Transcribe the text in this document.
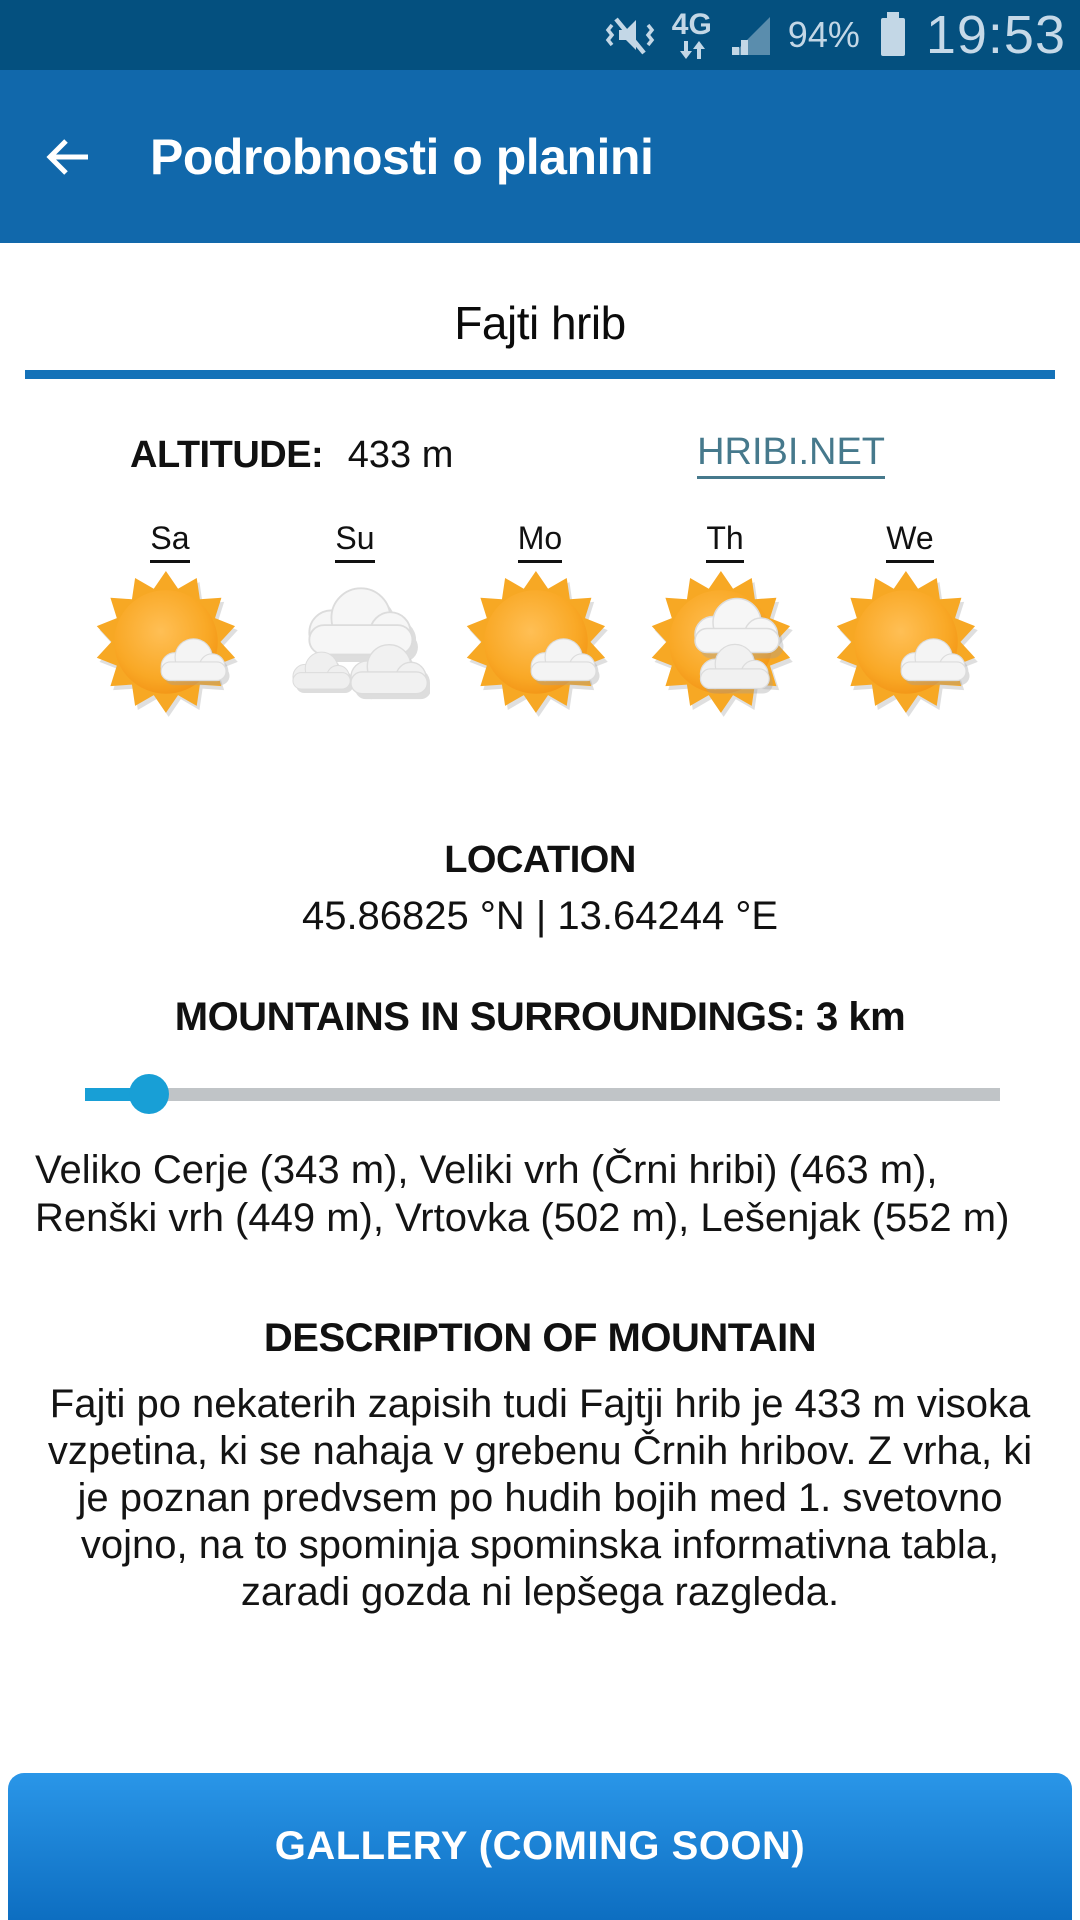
4G 94% 19:53
Podrobnosti o planini
Fajti hrib
ALTITUDE: 433 m	HRIBI.NET
Sa	Su	Mo	Th	We
LOCATION
45.86825 °N | 13.64244 °E
MOUNTAINS IN SURROUNDINGS: 3 km

Veliko Cerje (343 m), Veliki vrh (Črni hribi) (463 m), Renški vrh (449 m), Vrtovka (502 m), Lešenjak (552 m)

DESCRIPTION OF MOUNTAIN

Fajti po nekaterih zapisih tudi Fajtji hrib je 433 m visoka vzpetina, ki se nahaja v grebenu Črnih hribov. Z vrha, ki je poznan predvsem po hudih bojih med 1. svetovno vojno, na to spominja spominska informativna tabla, zaradi gozda ni lepšega razgleda.

GALLERY (COMING SOON)
